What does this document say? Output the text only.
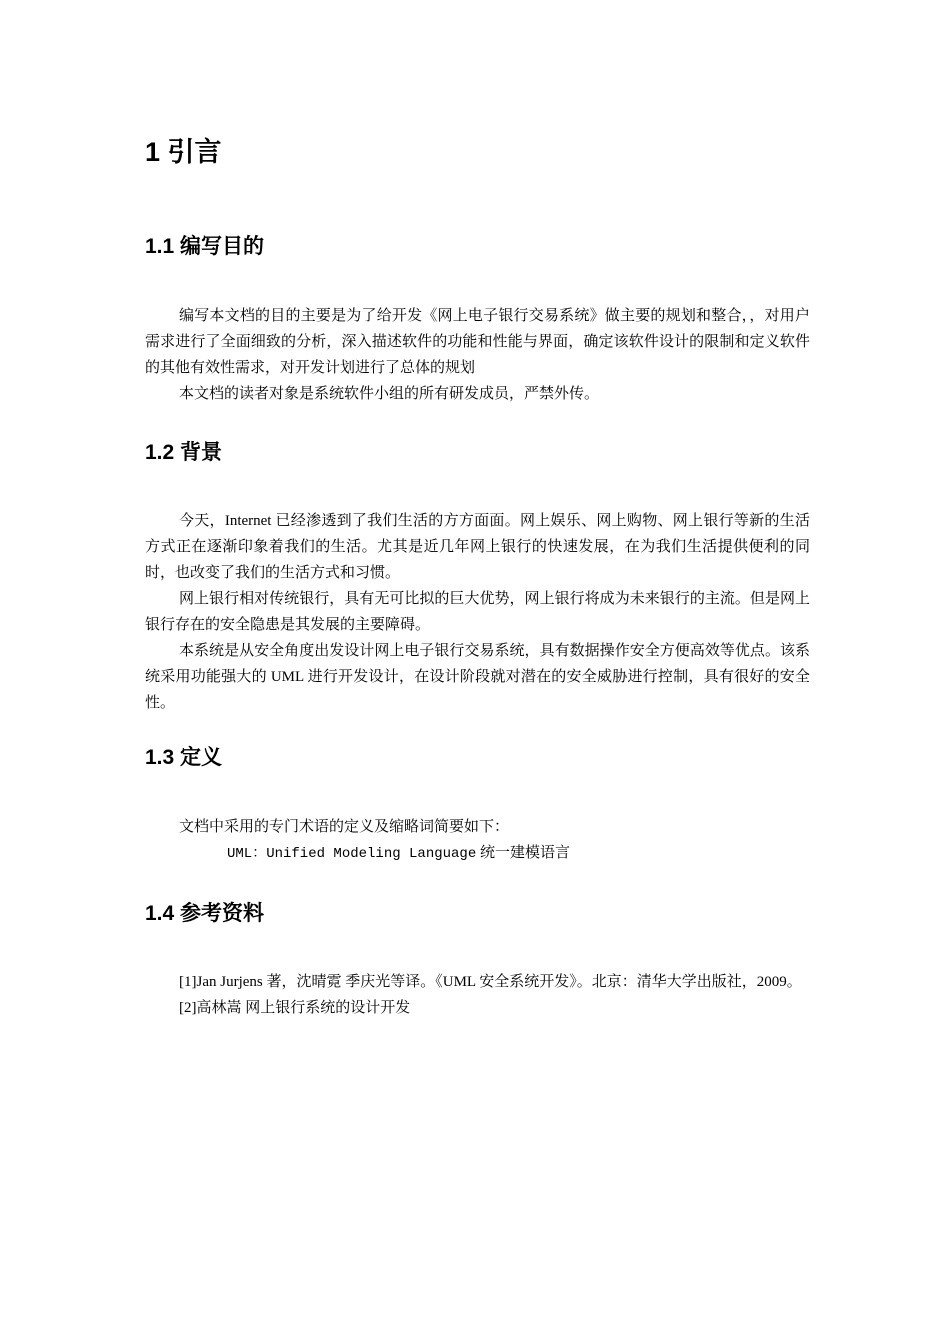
1 引言
1.1 编写目的

编写本文档的目的主要是为了给开发《网上电子银行交易系统》做主要的规划和整合，，对用户需求进行了全面细致的分析，深入描述软件的功能和性能与界面，确定该软件设计的限制和定义软件的其他有效性需求，对开发计划进行了总体的规划

本文档的读者对象是系统软件小组的所有研发成员，严禁外传。

1.2 背景

今天，Internet 已经渗透到了我们生活的方方面面。网上娱乐、网上购物、网上银行等新的生活方式正在逐渐印象着我们的生活。尤其是近几年网上银行的快速发展，在为我们生活提供便利的同时，也改变了我们的生活方式和习惯。

网上银行相对传统银行，具有无可比拟的巨大优势，网上银行将成为未来银行的主流。但是网上银行存在的安全隐患是其发展的主要障碍。

本系统是从安全角度出发设计网上电子银行交易系统，具有数据操作安全方便高效等优点。该系统采用功能强大的 UML 进行开发设计，在设计阶段就对潜在的安全威胁进行控制，具有很好的安全性。

1.3 定义

文档中采用的专门术语的定义及缩略词简要如下：

UML：Unified Modeling Language 统一建模语言
1.4 参考资料

[1]Jan Jurjens 著，沈晴霓 季庆光等译。《UML 安全系统开发》。北京：清华大学出版社，2009。

[2]高林嵩 网上银行系统的设计开发
